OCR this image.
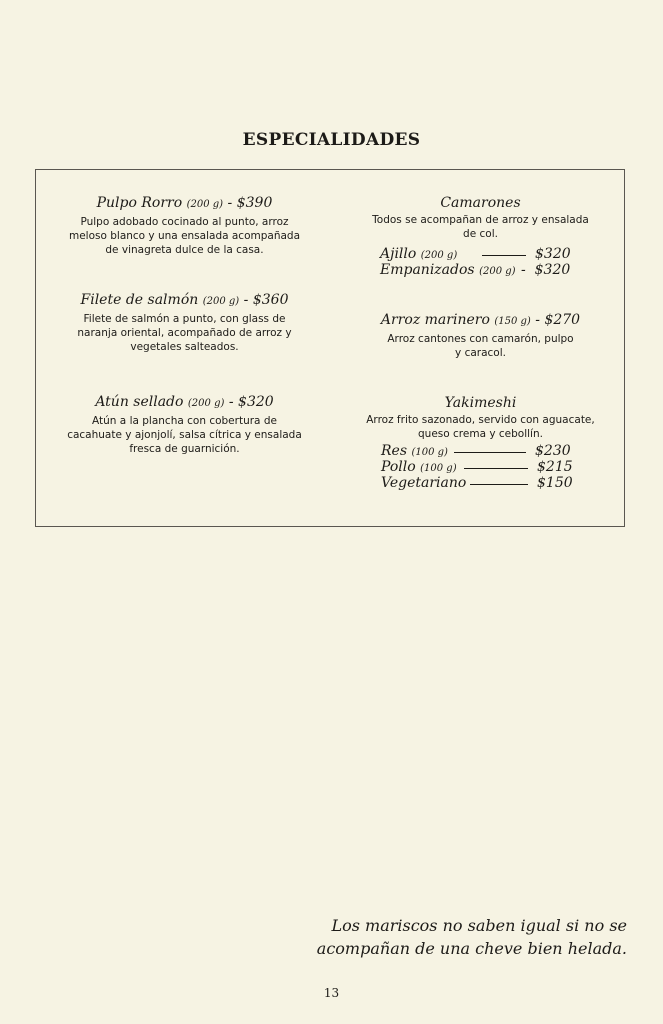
ESPECIALIDADES
Pulpo Rorro (200 g) - $390
Pulpo adobado cocinado al punto, arroz
meloso blanco y una ensalada acompañada
de vinagreta dulce de la casa.
Filete de salmón (200 g) - $360
Filete de salmón a punto, con glass de
naranja oriental, acompañado de arroz y
vegetales salteados.
Atún sellado (200 g) - $320
Atún a la plancha con cobertura de
cacahuate y ajonjolí, salsa cítrica y ensalada
fresca de guarnición.
Camarones
Todos se acompañan de arroz y ensalada
de col.
Ajillo (200 g)	$320
Empanizados (200 g) - $320
Arroz marinero (150 g) - $270
Arroz cantones con camarón, pulpo
y caracol.
Yakimeshi
Arroz frito sazonado, servido con aguacate,
queso crema y cebollín.
Res (100 g)	$230
Pollo (100 g)	$215
Vegetariano	$150
Los mariscos no saben igual si no se
acompañan de una cheve bien helada.
13
